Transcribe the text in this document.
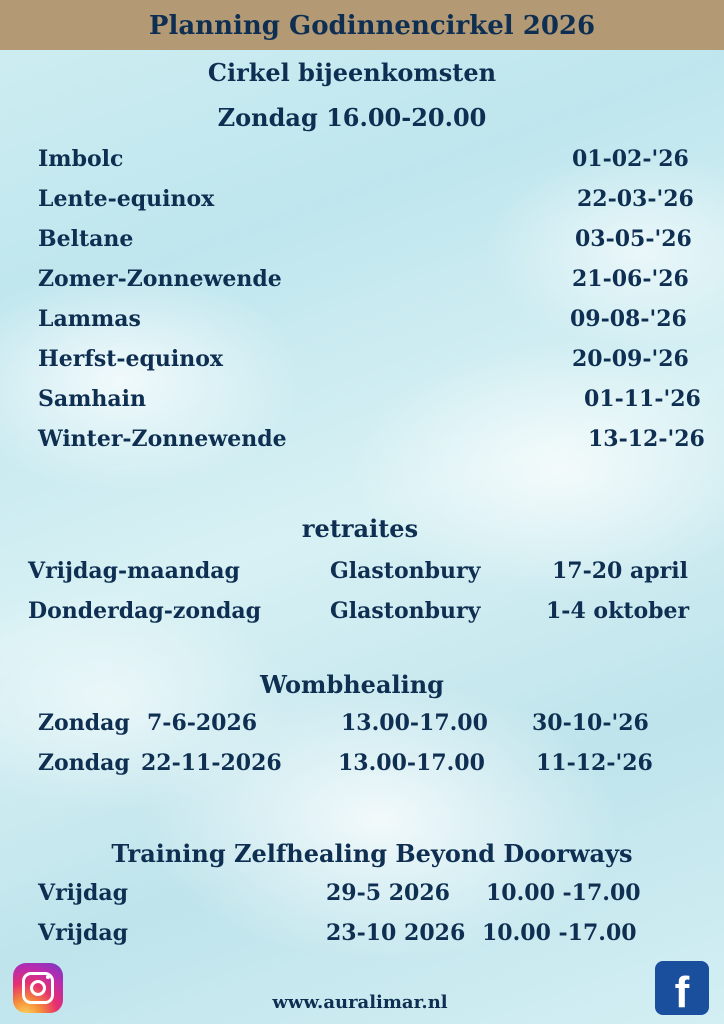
Planning Godinnencirkel 2026
Cirkel bijeenkomsten
Zondag 16.00-20.00
Imbolc	01-02-'26
Lente-equinox	22-03-'26
Beltane	03-05-'26
Zomer-Zonnewende	21-06-'26
Lammas	09-08-'26
Herfst-equinox	20-09-'26
Samhain	01-11-'26
Winter-Zonnewende	13-12-'26
retraites
Vrijdag-maandag	Glastonbury	17-20 april
Donderdag-zondag	Glastonbury	1-4 oktober
Wombhealing
Zondag 7-6-2026	13.00-17.00 30-10-'26
Zondag 22-11-2026	13.00-17.00 11-12-'26
Training Zelfhealing Beyond Doorways
Vrijdag	29-5 2026 10.00 -17.00
Vrijdag	23-10 2026 10.00 -17.00
www.auralimar.nl	f
